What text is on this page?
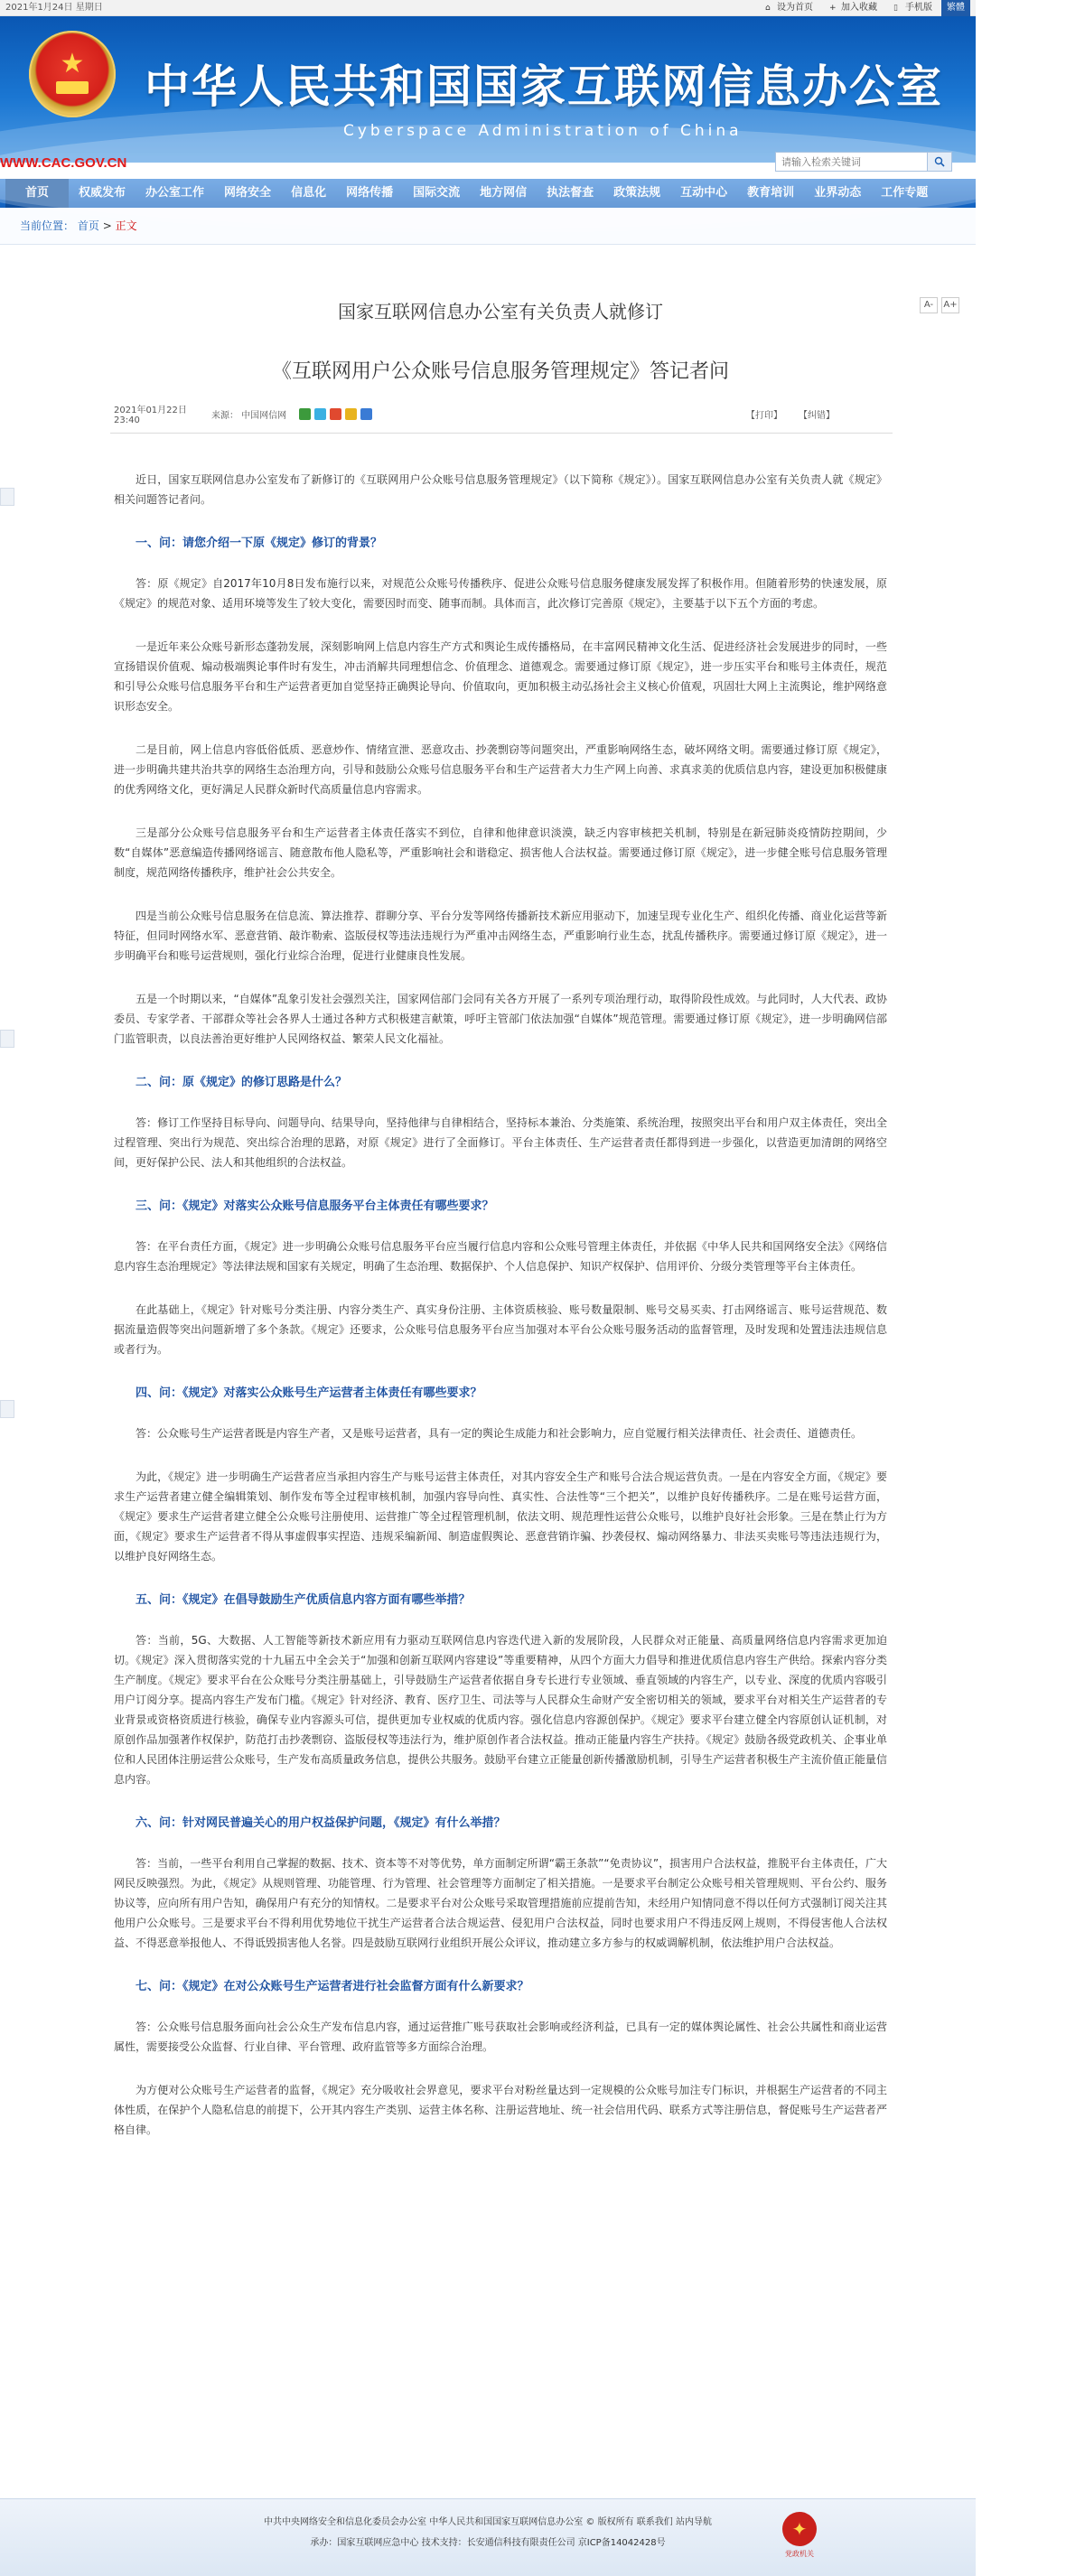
2021年1月24日 星期日	⌂ 设为首页 + 加入收藏 ▯ 手机版	繁體
★	中华人民共和国国家互联网信息办公室
Cyberspace Administration of China
WWW.CAC.GOV.CN
请输入检索关键词
首页	权威发布	办公室工作	网络安全	信息化	网络传播	国际交流	地方网信	执法督查	政策法规	互动中心	教育培训	业界动态	工作专题
当前位置： 首页 > 正文
国家互联网信息办公室有关负责人就修订
《互联网用户公众账号信息服务管理规定》答记者问
2021年01月22日 23:40	来源： 中国网信网	【打印】 【纠错】
A-	A+
近日，国家互联网信息办公室发布了新修订的《互联网用户公众账号信息服务管理规定》（以下简称《规定》）。国家互联网信息办公室有关负责人就《规定》相关问题答记者问。
一、问：请您介绍一下原《规定》修订的背景？
答：原《规定》自2017年10月8日发布施行以来，对规范公众账号传播秩序、促进公众账号信息服务健康发展发挥了积极作用。但随着形势的快速发展，原《规定》的规范对象、适用环境等发生了较大变化，需要因时而变、随事而制。具体而言，此次修订完善原《规定》，主要基于以下五个方面的考虑。
一是近年来公众账号新形态蓬勃发展，深刻影响网上信息内容生产方式和舆论生成传播格局，在丰富网民精神文化生活、促进经济社会发展进步的同时，一些宣扬错误价值观、煽动极端舆论事件时有发生，冲击消解共同理想信念、价值理念、道德观念。需要通过修订原《规定》，进一步压实平台和账号主体责任，规范和引导公众账号信息服务平台和生产运营者更加自觉坚持正确舆论导向、价值取向，更加积极主动弘扬社会主义核心价值观，巩固壮大网上主流舆论，维护网络意识形态安全。
二是目前，网上信息内容低俗低质、恶意炒作、情绪宣泄、恶意攻击、抄袭剽窃等问题突出，严重影响网络生态，破坏网络文明。需要通过修订原《规定》，进一步明确共建共治共享的网络生态治理方向，引导和鼓励公众账号信息服务平台和生产运营者大力生产网上向善、求真求美的优质信息内容，建设更加积极健康的优秀网络文化，更好满足人民群众新时代高质量信息内容需求。
三是部分公众账号信息服务平台和生产运营者主体责任落实不到位，自律和他律意识淡漠，缺乏内容审核把关机制，特别是在新冠肺炎疫情防控期间，少数“自媒体”恶意编造传播网络谣言、随意散布他人隐私等，严重影响社会和谐稳定、损害他人合法权益。需要通过修订原《规定》，进一步健全账号信息服务管理制度，规范网络传播秩序，维护社会公共安全。
四是当前公众账号信息服务在信息流、算法推荐、群聊分享、平台分发等网络传播新技术新应用驱动下，加速呈现专业化生产、组织化传播、商业化运营等新特征，但同时网络水军、恶意营销、敲诈勒索、盗版侵权等违法违规行为严重冲击网络生态，严重影响行业生态，扰乱传播秩序。需要通过修订原《规定》，进一步明确平台和账号运营规则，强化行业综合治理，促进行业健康良性发展。
五是一个时期以来，“自媒体”乱象引发社会强烈关注，国家网信部门会同有关各方开展了一系列专项治理行动，取得阶段性成效。与此同时，人大代表、政协委员、专家学者、干部群众等社会各界人士通过各种方式积极建言献策，呼吁主管部门依法加强“自媒体”规范管理。需要通过修订原《规定》，进一步明确网信部门监管职责，以良法善治更好维护人民网络权益、繁荣人民文化福祉。
二、问：原《规定》的修订思路是什么？
答：修订工作坚持目标导向、问题导向、结果导向，坚持他律与自律相结合，坚持标本兼治、分类施策、系统治理，按照突出平台和用户双主体责任，突出全过程管理、突出行为规范、突出综合治理的思路，对原《规定》进行了全面修订。平台主体责任、生产运营者责任都得到进一步强化，以营造更加清朗的网络空间，更好保护公民、法人和其他组织的合法权益。
三、问：《规定》对落实公众账号信息服务平台主体责任有哪些要求？
答：在平台责任方面，《规定》进一步明确公众账号信息服务平台应当履行信息内容和公众账号管理主体责任，并依据《中华人民共和国网络安全法》《网络信息内容生态治理规定》等法律法规和国家有关规定，明确了生态治理、数据保护、个人信息保护、知识产权保护、信用评价、分级分类管理等平台主体责任。
在此基础上，《规定》针对账号分类注册、内容分类生产、真实身份注册、主体资质核验、账号数量限制、账号交易买卖、打击网络谣言、账号运营规范、数据流量造假等突出问题新增了多个条款。《规定》还要求，公众账号信息服务平台应当加强对本平台公众账号服务活动的监督管理，及时发现和处置违法违规信息或者行为。
四、问：《规定》对落实公众账号生产运营者主体责任有哪些要求？
答：公众账号生产运营者既是内容生产者，又是账号运营者，具有一定的舆论生成能力和社会影响力，应自觉履行相关法律责任、社会责任、道德责任。
为此，《规定》进一步明确生产运营者应当承担内容生产与账号运营主体责任，对其内容安全生产和账号合法合规运营负责。一是在内容安全方面，《规定》要求生产运营者建立健全编辑策划、制作发布等全过程审核机制，加强内容导向性、真实性、合法性等“三个把关”，以维护良好传播秩序。二是在账号运营方面，《规定》要求生产运营者建立健全公众账号注册使用、运营推广等全过程管理机制，依法文明、规范理性运营公众账号，以维护良好社会形象。三是在禁止行为方面，《规定》要求生产运营者不得从事虚假事实捏造、违规采编新闻、制造虚假舆论、恶意营销诈骗、抄袭侵权、煽动网络暴力、非法买卖账号等违法违规行为，以维护良好网络生态。
五、问：《规定》在倡导鼓励生产优质信息内容方面有哪些举措？
答：当前，5G、大数据、人工智能等新技术新应用有力驱动互联网信息内容迭代进入新的发展阶段，人民群众对正能量、高质量网络信息内容需求更加迫切。《规定》深入贯彻落实党的十九届五中全会关于“加强和创新互联网内容建设”等重要精神，从四个方面大力倡导和推进优质信息内容生产供给。探索内容分类生产制度。《规定》要求平台在公众账号分类注册基础上，引导鼓励生产运营者依据自身专长进行专业领域、垂直领域的内容生产，以专业、深度的优质内容吸引用户订阅分享。提高内容生产发布门槛。《规定》针对经济、教育、医疗卫生、司法等与人民群众生命财产安全密切相关的领域，要求平台对相关生产运营者的专业背景或资格资质进行核验，确保专业内容源头可信，提供更加专业权威的优质内容。强化信息内容源创保护。《规定》要求平台建立健全内容原创认证机制，对原创作品加强著作权保护，防范打击抄袭剽窃、盗版侵权等违法行为，维护原创作者合法权益。推动正能量内容生产扶持。《规定》鼓励各级党政机关、企事业单位和人民团体注册运营公众账号，生产发布高质量政务信息，提供公共服务。鼓励平台建立正能量创新传播激励机制，引导生产运营者积极生产主流价值正能量信息内容。
六、问：针对网民普遍关心的用户权益保护问题，《规定》有什么举措？
答：当前，一些平台利用自己掌握的数据、技术、资本等不对等优势，单方面制定所谓“霸王条款”“免责协议”，损害用户合法权益，推脱平台主体责任，广大网民反映强烈。为此，《规定》从规则管理、功能管理、行为管理、社会管理等方面制定了相关措施。一是要求平台制定公众账号相关管理规则、平台公约、服务协议等，应向所有用户告知，确保用户有充分的知情权。二是要求平台对公众账号采取管理措施前应提前告知，未经用户知情同意不得以任何方式强制订阅关注其他用户公众账号。三是要求平台不得利用优势地位干扰生产运营者合法合规运营、侵犯用户合法权益，同时也要求用户不得违反网上规则，不得侵害他人合法权益、不得恶意举报他人、不得诋毁损害他人名誉。四是鼓励互联网行业组织开展公众评议，推动建立多方参与的权威调解机制，依法维护用户合法权益。
七、问：《规定》在对公众账号生产运营者进行社会监督方面有什么新要求？
答：公众账号信息服务面向社会公众生产发布信息内容，通过运营推广账号获取社会影响或经济利益，已具有一定的媒体舆论属性、社会公共属性和商业运营属性，需要接受公众监督、行业自律、平台管理、政府监管等多方面综合治理。
为方便对公众账号生产运营者的监督，《规定》充分吸收社会界意见，要求平台对粉丝量达到一定规模的公众账号加注专门标识，并根据生产运营者的不同主体性质，在保护个人隐私信息的前提下，公开其内容生产类别、运营主体名称、注册运营地址、统一社会信用代码、联系方式等注册信息，督促账号生产运营者严格自律。
中共中央网络安全和信息化委员会办公室 中华人民共和国国家互联网信息办公室 © 版权所有 联系我们 站内导航
承办：国家互联网应急中心 技术支持：长安通信科技有限责任公司 京ICP备14042428号
✦
党政机关
